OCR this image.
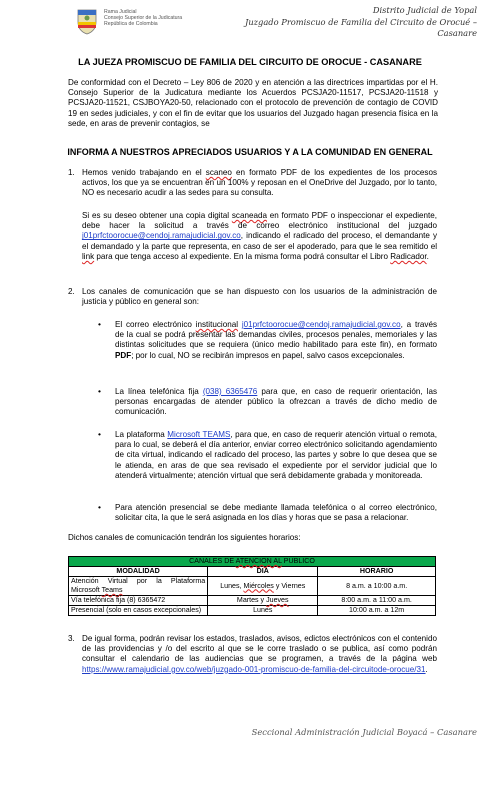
Rama Judicial
Consejo Superior de la Judicatura
República de Colombia
Distrito Judicial de Yopal
Juzgado Promiscuo de Familia del Circuito de Orocué –
Casanare
LA JUEZA PROMISCUO DE FAMILIA DEL CIRCUITO DE OROCUE - CASANARE
De conformidad con el Decreto – Ley 806 de 2020 y en atención a las directrices impartidas por el H. Consejo Superior de la Judicatura mediante los Acuerdos PCSJA20-11517, PCSJA20-11518 y PCSJA20-11521, CSJBOYA20-50, relacionado con el protocolo de prevención de contagio de COVID 19 en sedes judiciales, y con el fin de evitar que los usuarios del Juzgado hagan presencia física en la sede, en aras de prevenir contagios, se
INFORMA A NUESTROS APRECIADOS USUARIOS Y A LA COMUNIDAD EN GENERAL
1. Hemos venido trabajando en el scaneo en formato PDF de los expedientes de los procesos activos, los que ya se encuentran en un 100% y reposan en el OneDrive del Juzgado, por lo tanto, NO es necesario acudir a las sedes para su consulta.
Si es su deseo obtener una copia digital scaneada en formato PDF o inspeccionar el expediente, debe hacer la solicitud a través de correo electrónico institucional del juzgado j01prfctoorocue@cendoj.ramajudicial.gov.co, indicando el radicado del proceso, el demandante y el demandado y la parte que representa, en caso de ser el apoderado, para que le sea remitido el link para que tenga acceso al expediente. En la misma forma podrá consultar el Libro Radicador.
2. Los canales de comunicación que se han dispuesto con los usuarios de la administración de justicia y público en general son:
• El correo electrónico institucional j01prfctoorocue@cendoj.ramajudicial.gov.co, a través de la cual se podrá presentar las demandas civiles, procesos penales, memoriales y las distintas solicitudes que se requiera (único medio habilitado para este fin), en formato PDF; por lo cual, NO se recibirán impresos en papel, salvo casos excepcionales.
• La línea telefónica fija (038) 6365476 para que, en caso de requerir orientación, las personas encargadas de atender público la ofrezcan a través de dicho medio de comunicación.
• La plataforma Microsoft TEAMS, para que, en caso de requerir atención virtual o remota, para lo cual, se deberá el día anterior, enviar correo electrónico solicitando agendamiento de cita virtual, indicando el radicado del proceso, las partes y sobre lo que desea que se le atienda, en aras de que sea revisado el expediente por el servidor judicial que lo atenderá virtualmente; atención virtual que será debidamente grabada y monitoreada.
• Para atención presencial se debe mediante llamada telefónica o al correo electrónico, solicitar cita, la que le será asignada en los días y horas que se pasa a relacionar.
Dichos canales de comunicación tendrán los siguientes horarios:
CANALES DE ATENCION AL PUBLICO		
MODALIDAD	DIA	HORARIO
Atención Virtual por la Plataforma Microsoft Teams	Lunes, Miércoles y Viernes	8 a.m. a 10:00 a.m.
Vía telefónica fija (8) 6365472	Martes y Jueves	8:00 a.m. a 11:00 a.m.
Presencial (solo en casos excepcionales)	Lunes	10:00 a.m. a 12m
3. De igual forma, podrán revisar los estados, traslados, avisos, edictos electrónicos con el contenido de las providencias y /o del escrito al que se le corre traslado o se publica, así como podrán consultar el calendario de las audiencias que se programen, a través de la página web https://www.ramajudicial.gov.co/web/juzgado-001-promiscuo-de-familia-del-circuitode-orocue/31.
Seccional Administración Judicial Boyacá – Casanare
